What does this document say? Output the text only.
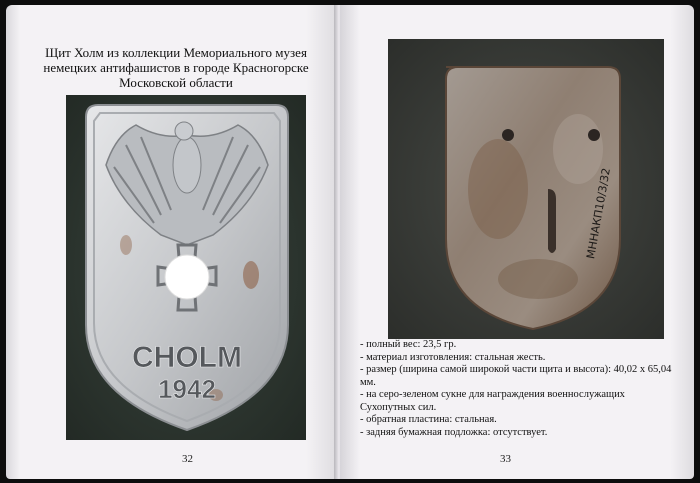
Щит Холм из коллекции Мемориального музея
немецких антифашистов в городе Красногорске
Московской области
CHOLM
1942
32
МННАКП10/3/32

- полный вес: 23,5 гр.

- материал изготовления: стальная жесть.

- размер (ширина самой широкой части щита и высота): 40,02 х 65,04 мм.

- на серо-зеленом сукне для награждения военнослужащих Сухопутных сил.

- обратная пластина: стальная.

- задняя бумажная подложка: отсутствует.

33
